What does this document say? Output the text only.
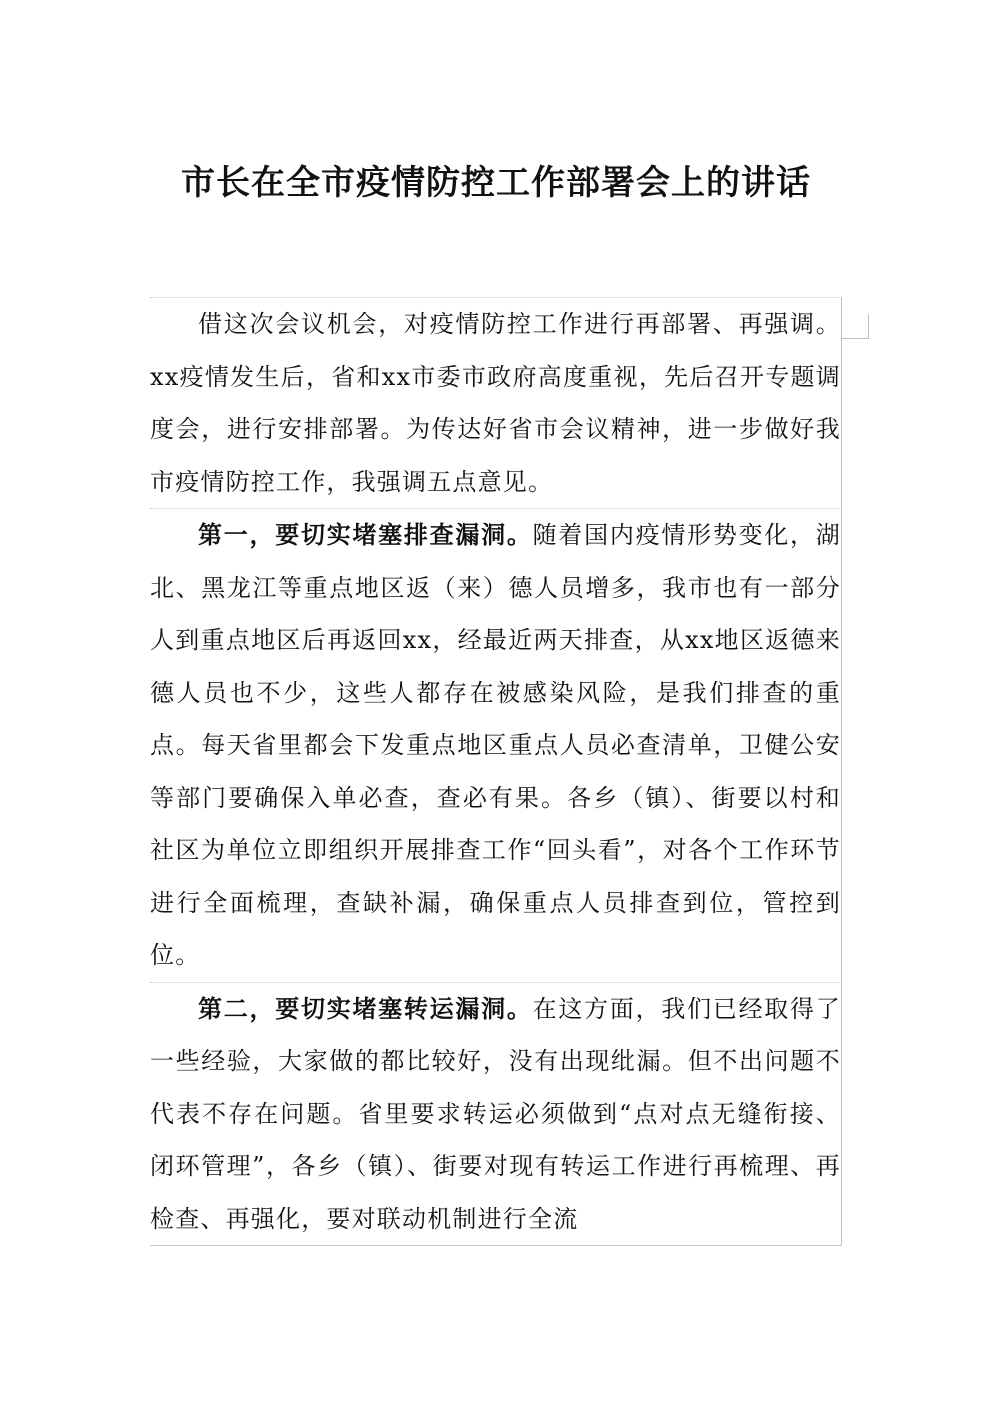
市长在全市疫情防控工作部署会上的讲话

借这次会议机会，对疫情防控工作进行再部署、再强调。xx疫情发生后，省和xx市委市政府高度重视，先后召开专题调度会，进行安排部署。为传达好省市会议精神，进一步做好我市疫情防控工作，我强调五点意见。

第一，要切实堵塞排查漏洞。随着国内疫情形势变化，湖北、黑龙江等重点地区返（来）德人员增多，我市也有一部分人到重点地区后再返回xx，经最近两天排查，从xx地区返德来德人员也不少，这些人都存在被感染风险，是我们排查的重点。每天省里都会下发重点地区重点人员必查清单，卫健公安等部门要确保入单必查，查必有果。各乡（镇）、街要以村和社区为单位立即组织开展排查工作“回头看”，对各个工作环节进行全面梳理，查缺补漏，确保重点人员排查到位，管控到位。

第二，要切实堵塞转运漏洞。在这方面，我们已经取得了一些经验，大家做的都比较好，没有出现纰漏。但不出问题不代表不存在问题。省里要求转运必须做到“点对点无缝衔接、闭环管理”，各乡（镇）、街要对现有转运工作进行再梳理、再检查、再强化，要对联动机制进行全流
